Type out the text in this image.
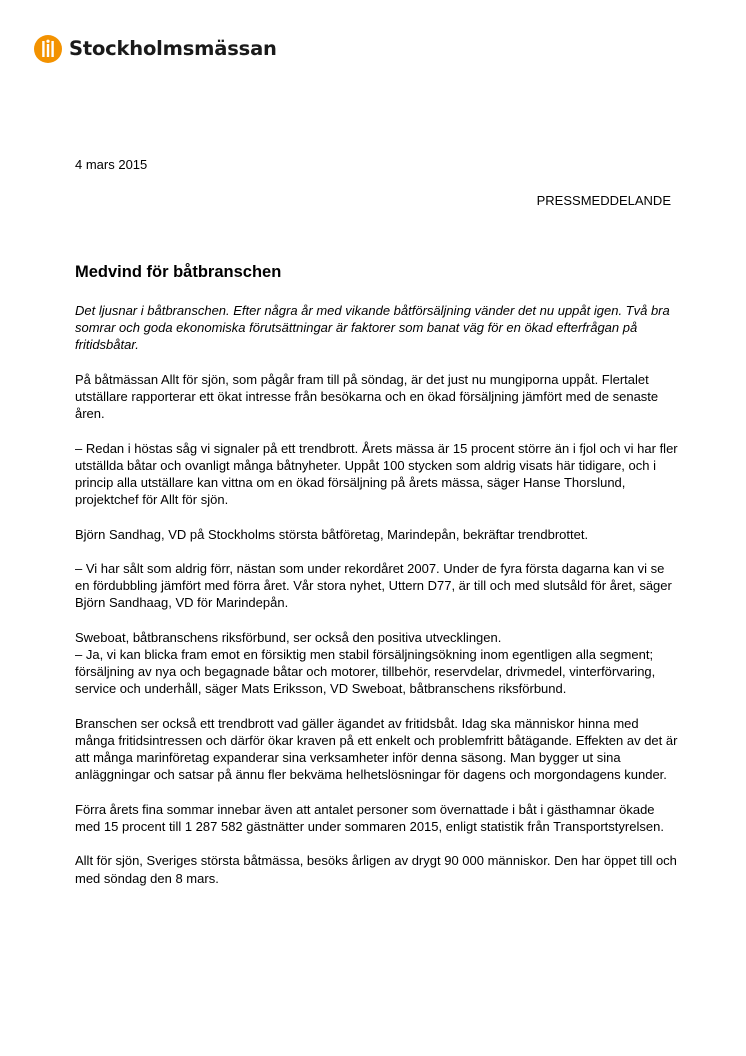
Stockholmsmässan
4 mars 2015
PRESSMEDDELANDE
Medvind för båtbranschen

Det ljusnar i båtbranschen. Efter några år med vikande båtförsäljning vänder det nu uppåt igen. Två bra somrar och goda ekonomiska förutsättningar är faktorer som banat väg för en ökad efterfrågan på fritidsbåtar.

På båtmässan Allt för sjön, som pågår fram till på söndag, är det just nu mungiporna uppåt. Flertalet utställare rapporterar ett ökat intresse från besökarna och en ökad försäljning jämfört med de senaste åren.

– Redan i höstas såg vi signaler på ett trendbrott. Årets mässa är 15 procent större än i fjol och vi har fler utställda båtar och ovanligt många båtnyheter. Uppåt 100 stycken som aldrig visats här tidigare, och i princip alla utställare kan vittna om en ökad försäljning på årets mässa, säger Hanse Thorslund, projektchef för Allt för sjön.

Björn Sandhag, VD på Stockholms största båtföretag, Marindepån, bekräftar trendbrottet.

– Vi har sålt som aldrig förr, nästan som under rekordåret 2007. Under de fyra första dagarna kan vi se en fördubbling jämfört med förra året. Vår stora nyhet, Uttern D77, är till och med slutsåld för året, säger Björn Sandhaag, VD för Marindepån.

Sweboat, båtbranschens riksförbund, ser också den positiva utvecklingen.
– Ja, vi kan blicka fram emot en försiktig men stabil försäljningsökning inom egentligen alla segment; försäljning av nya och begagnade båtar och motorer, tillbehör, reservdelar, drivmedel, vinterförvaring, service och underhåll, säger Mats Eriksson, VD Sweboat, båtbranschens riksförbund.

Branschen ser också ett trendbrott vad gäller ägandet av fritidsbåt. Idag ska människor hinna med många fritidsintressen och därför ökar kraven på ett enkelt och problemfritt båtägande. Effekten av det är att många marinföretag expanderar sina verksamheter inför denna säsong. Man bygger ut sina anläggningar och satsar på ännu fler bekväma helhetslösningar för dagens och morgondagens kunder.

Förra årets fina sommar innebar även att antalet personer som övernattade i båt i gästhamnar ökade med 15 procent till 1 287 582 gästnätter under sommaren 2015, enligt statistik från Transportstyrelsen.

Allt för sjön, Sveriges största båtmässa, besöks årligen av drygt 90 000 människor. Den har öppet till och med söndag den 8 mars.
